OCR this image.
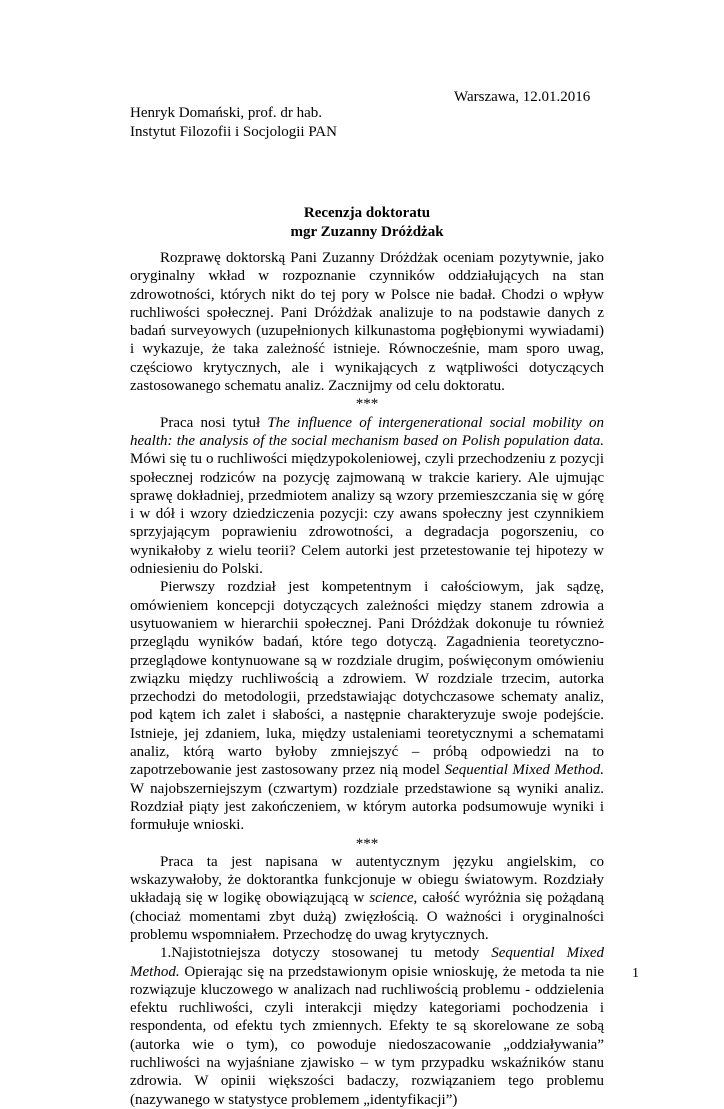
Warszawa, 12.01.2016
Henryk Domański, prof. dr hab.
Instytut Filozofii i Socjologii PAN
Recenzja doktoratu
mgr Zuzanny Dróżdżak

Rozprawę doktorską Pani Zuzanny Dróżdżak oceniam pozytywnie, jako oryginalny wkład w rozpoznanie czynników oddziałujących na stan zdrowotności, których nikt do tej pory w Polsce nie badał. Chodzi o wpływ ruchliwości społecznej. Pani Dróżdżak analizuje to na podstawie danych z badań surveyowych (uzupełnionych kilkunastoma pogłębionymi wywiadami) i wykazuje, że taka zależność istnieje. Równocześnie, mam sporo uwag, częściowo krytycznych, ale i wynikających z wątpliwości dotyczących zastosowanego schematu analiz. Zacznijmy od celu doktoratu.

***

Praca nosi tytuł The influence of intergenerational social mobility on health: the analysis of the social mechanism based on Polish population data. Mówi się tu o ruchliwości międzypokoleniowej, czyli przechodzeniu z pozycji społecznej rodziców na pozycję zajmowaną w trakcie kariery. Ale ujmując sprawę dokładniej, przedmiotem analizy są wzory przemieszczania się w górę i w dół i wzory dziedziczenia pozycji: czy awans społeczny jest czynnikiem sprzyjającym poprawieniu zdrowotności, a degradacja pogorszeniu, co wynikałoby z wielu teorii? Celem autorki jest przetestowanie tej hipotezy w odniesieniu do Polski.

Pierwszy rozdział jest kompetentnym i całościowym, jak sądzę, omówieniem koncepcji dotyczących zależności między stanem zdrowia a usytuowaniem w hierarchii społecznej. Pani Dróżdżak dokonuje tu również przeglądu wyników badań, które tego dotyczą. Zagadnienia teoretyczno-przeglądowe kontynuowane są w rozdziale drugim, poświęconym omówieniu związku między ruchliwością a zdrowiem. W rozdziale trzecim, autorka przechodzi do metodologii, przedstawiając dotychczasowe schematy analiz, pod kątem ich zalet i słabości, a następnie charakteryzuje swoje podejście. Istnieje, jej zdaniem, luka, między ustaleniami teoretycznymi a schematami analiz, którą warto byłoby zmniejszyć – próbą odpowiedzi na to zapotrzebowanie jest zastosowany przez nią model Sequential Mixed Method. W najobszerniejszym (czwartym) rozdziale przedstawione są wyniki analiz. Rozdział piąty jest zakończeniem, w którym autorka podsumowuje wyniki i formułuje wnioski.

***

Praca ta jest napisana w autentycznym języku angielskim, co wskazywałoby, że doktorantka funkcjonuje w obiegu światowym. Rozdziały układają się w logikę obowiązującą w science, całość wyróżnia się pożądaną (chociaż momentami zbyt dużą) zwięzłością. O ważności i oryginalności problemu wspomniałem. Przechodzę do uwag krytycznych.

1.Najistotniejsza dotyczy stosowanej tu metody Sequential Mixed Method. Opierając się na przedstawionym opisie wnioskuję, że metoda ta nie rozwiązuje kluczowego w analizach nad ruchliwością problemu - oddzielenia efektu ruchliwości, czyli interakcji między kategoriami pochodzenia i respondenta, od efektu tych zmiennych. Efekty te są skorelowane ze sobą (autorka wie o tym), co powoduje niedoszacowanie „oddziaływania” ruchliwości na wyjaśniane zjawisko – w tym przypadku wskaźników stanu zdrowia. W opinii większości badaczy, rozwiązaniem tego problemu (nazywanego w statystyce problemem „identyfikacji”)

1
